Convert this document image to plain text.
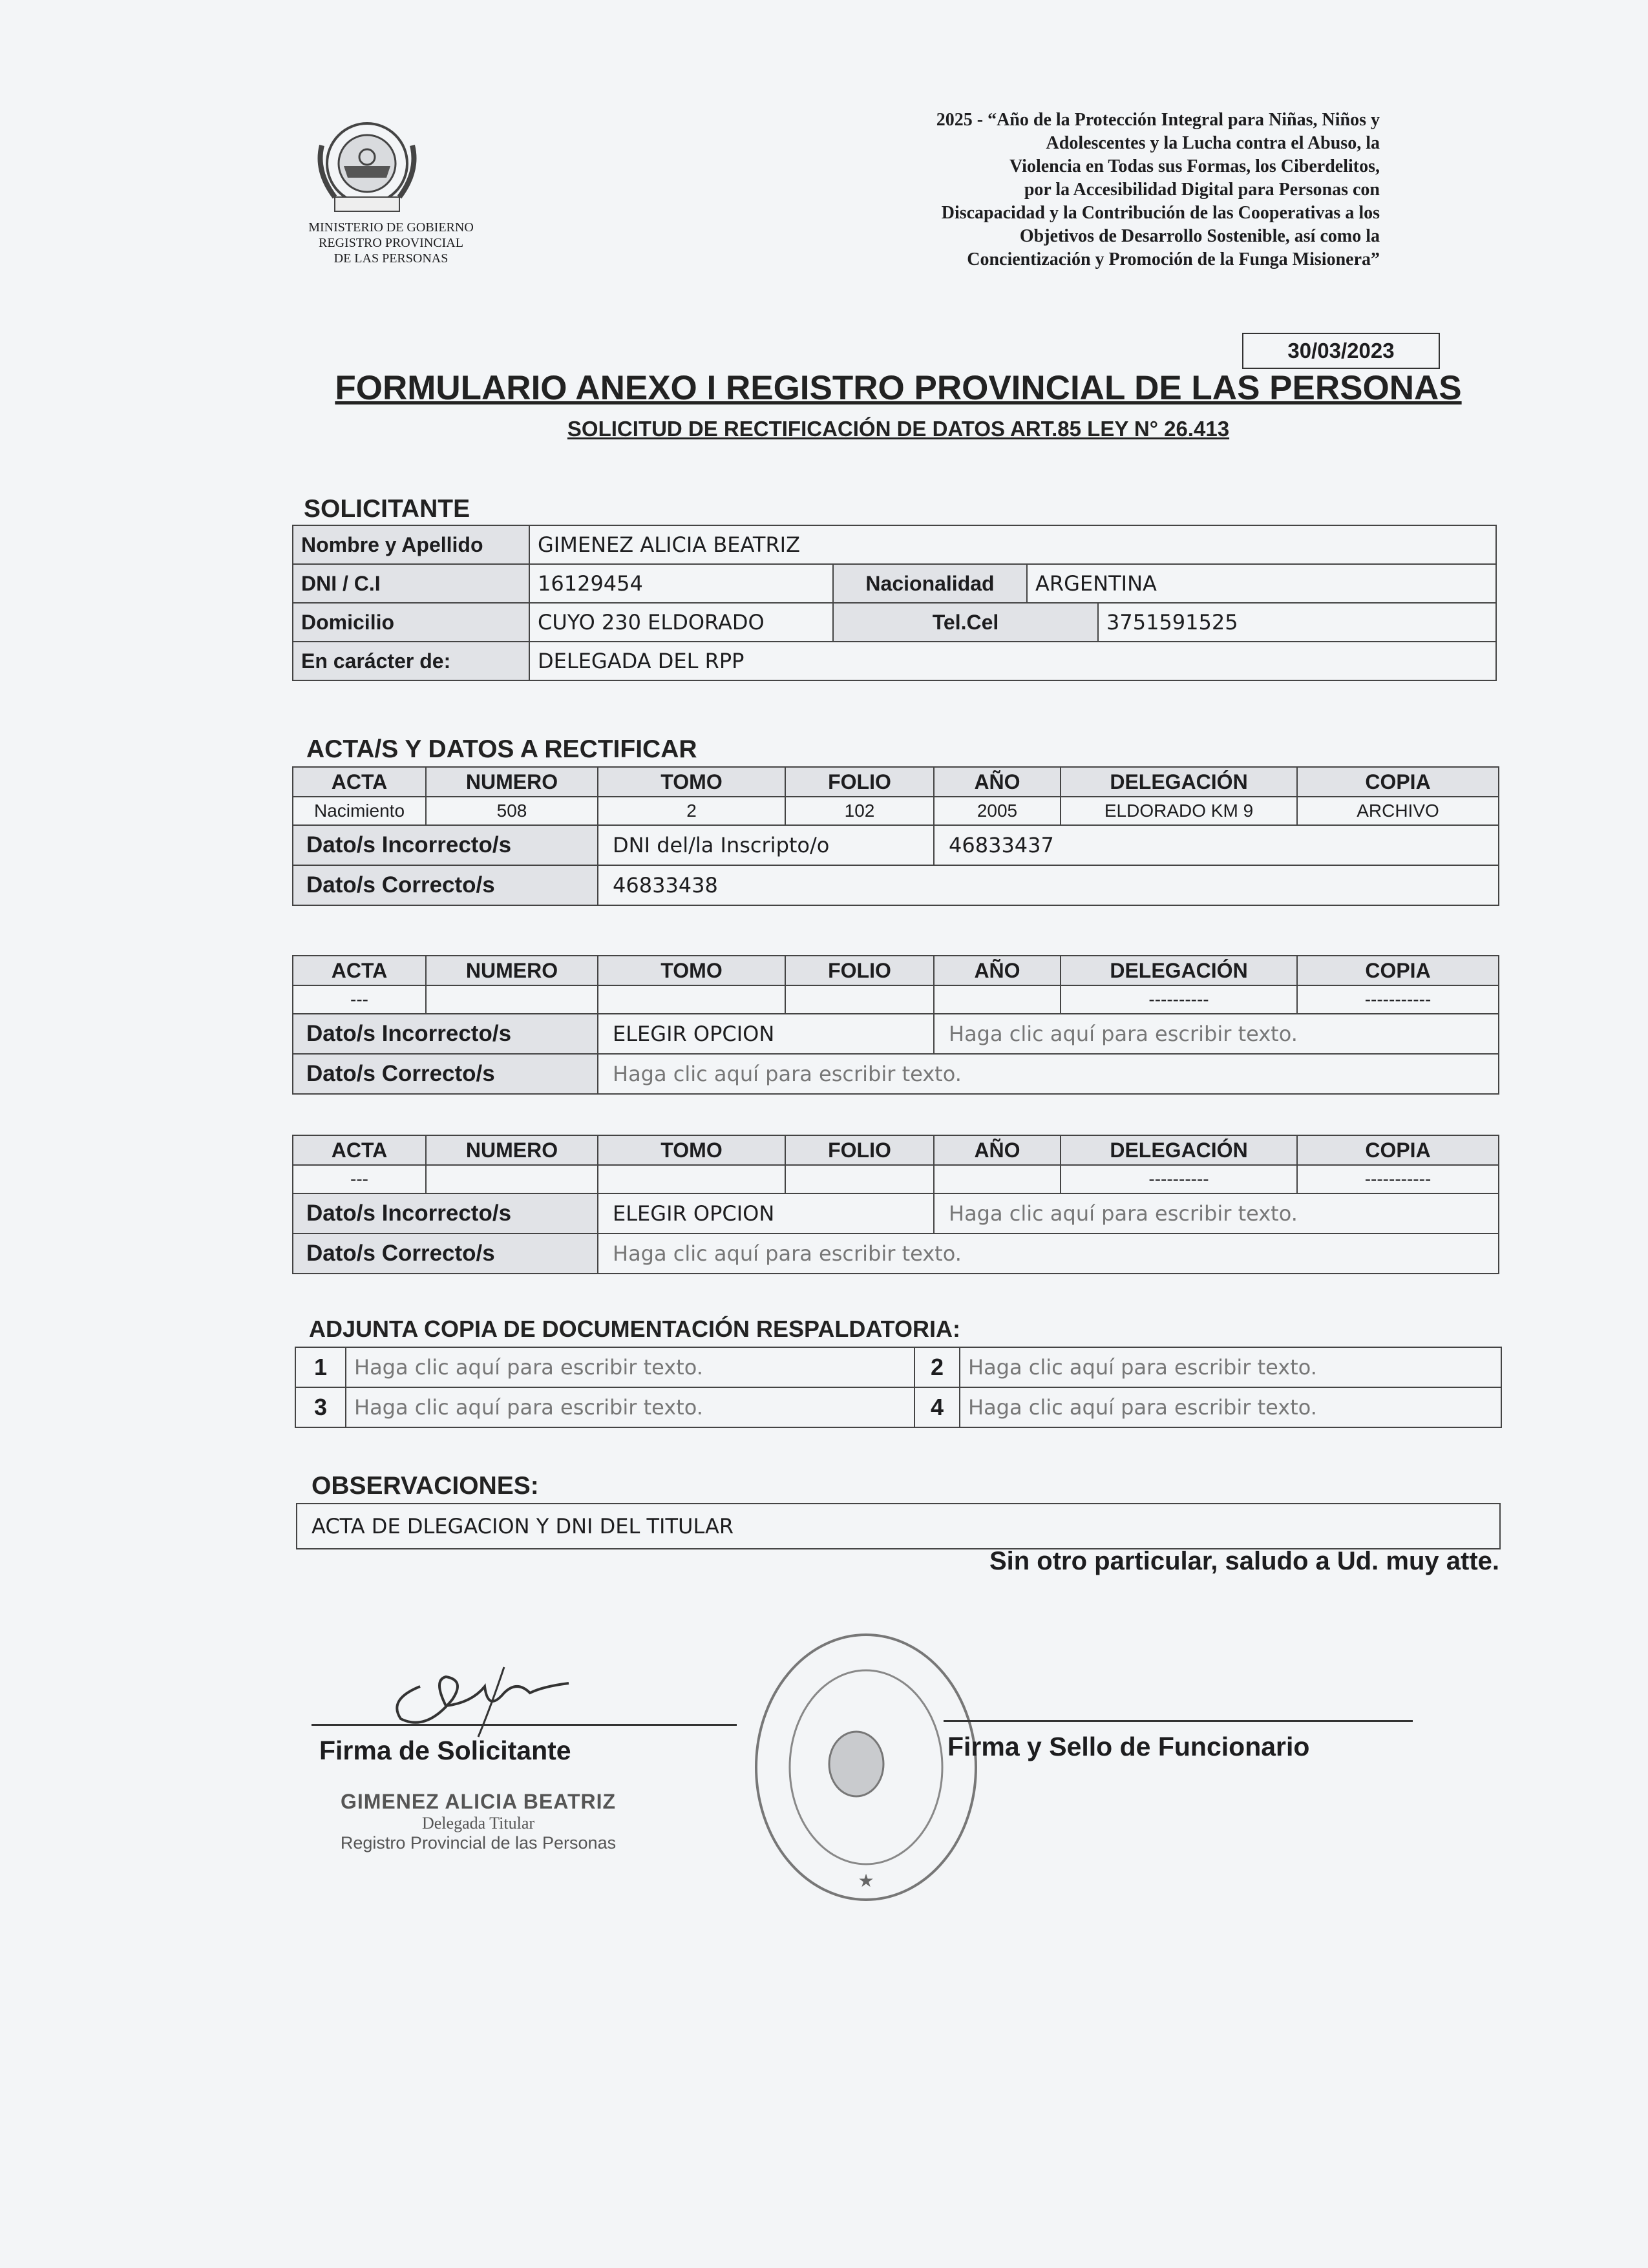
MINISTERIO DE GOBIERNO
REGISTRO PROVINCIAL
DE LAS PERSONAS
2025 - “Año de la Protección Integral para Niñas, Niños y
Adolescentes y la Lucha contra el Abuso, la
Violencia en Todas sus Formas, los Ciberdelitos,
por la Accesibilidad Digital para Personas con
Discapacidad y la Contribución de las Cooperativas a los
Objetivos de Desarrollo Sostenible, así como la
Concientización y Promoción de la Funga Misionera”
30/03/2023
FORMULARIO ANEXO I REGISTRO PROVINCIAL DE LAS PERSONAS
SOLICITUD DE RECTIFICACIÓN DE DATOS ART.85 LEY N° 26.413
SOLICITANTE
Nombre y Apellido	GIMENEZ ALICIA BEATRIZ			
DNI / C.I	16129454	Nacionalidad	ARGENTINA	
Domicilio	CUYO 230 ELDORADO	Tel.Cel		3751591525
En carácter de:	DELEGADA DEL RPP			
ACTA/S Y DATOS A RECTIFICAR
ACTA	NUMERO	TOMO	FOLIO	AÑO	DELEGACIÓN	COPIA
Nacimiento	508	2	102	2005	ELDORADO KM 9	ARCHIVO
Dato/s Incorrecto/s		DNI del/la Inscripto/o		46833437		
Dato/s Correcto/s		46833438				
ACTA	NUMERO	TOMO	FOLIO	AÑO	DELEGACIÓN	COPIA
---					----------	-----------
Dato/s Incorrecto/s		ELEGIR OPCION		Haga clic aquí para escribir texto.		
Dato/s Correcto/s		Haga clic aquí para escribir texto.				
ACTA	NUMERO	TOMO	FOLIO	AÑO	DELEGACIÓN	COPIA
---					----------	-----------
Dato/s Incorrecto/s		ELEGIR OPCION		Haga clic aquí para escribir texto.		
Dato/s Correcto/s		Haga clic aquí para escribir texto.				
ADJUNTA COPIA DE DOCUMENTACIÓN RESPALDATORIA:
1	Haga clic aquí para escribir texto.	2	Haga clic aquí para escribir texto.
3	Haga clic aquí para escribir texto.	4	Haga clic aquí para escribir texto.
OBSERVACIONES:
ACTA DE DLEGACION Y DNI DEL TITULAR
Sin otro particular, saludo a Ud. muy atte.
Firma de Solicitante
GIMENEZ ALICIA BEATRIZ
Delegada Titular
Registro Provincial de las Personas
★
Firma y Sello de Funcionario
